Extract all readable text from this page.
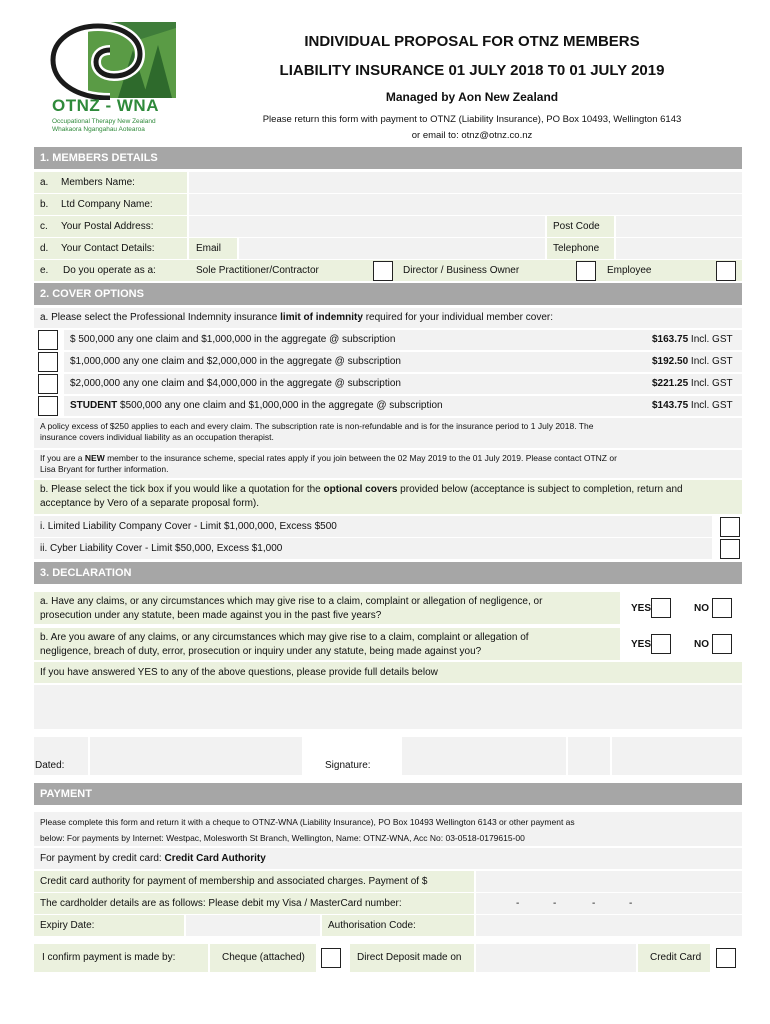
OTNZ - WNA
Occupational Therapy New Zealand
Whakaora Ngangahau Aotearoa
INDIVIDUAL PROPOSAL FOR OTNZ MEMBERS
LIABILITY INSURANCE 01 JULY 2018 T0 01 JULY 2019
Managed by Aon New Zealand
Please return this form with payment to OTNZ (Liability Insurance), PO Box 10493, Wellington 6143
or email to: otnz@otnz.co.nz
1. MEMBERS DETAILS
a. Members Name:
b. Ltd Company Name:
c. Your Postal Address:	Post Code
d. Your Contact Details:	Email	Telephone
e. Do you operate as a:	Sole Practitioner/Contractor	Director / Business Owner	Employee
2. COVER OPTIONS
a. Please select the Professional Indemnity insurance limit of indemnity required for your individual member cover:
$ 500,000 any one claim and $1,000,000 in the aggregate @ subscription	$163.75 Incl. GST
$1,000,000 any one claim and $2,000,000 in the aggregate @ subscription	$192.50 Incl. GST
$2,000,000 any one claim and $4,000,000 in the aggregate @ subscription	$221.25 Incl. GST
STUDENT $500,000 any one claim and $1,000,000 in the aggregate @ subscription	$143.75 Incl. GST
A policy excess of $250 applies to each and every claim. The subscription rate is non-refundable and is for the insurance period to 1 July 2018. The
insurance covers individual liability as an occupation therapist.
If you are a NEW member to the insurance scheme, special rates apply if you join between the 02 May 2019 to the 01 July 2019. Please contact OTNZ or
Lisa Bryant for further information.
b. Please select the tick box if you would like a quotation for the optional covers provided below (acceptance is subject to completion, return and
acceptance by Vero of a separate proposal form).
i. Limited Liability Company Cover - Limit $1,000,000, Excess $500
ii. Cyber Liability Cover - Limit $50,000, Excess $1,000
3. DECLARATION
a. Have any claims, or any circumstances which may give rise to a claim, complaint or allegation of negligence, or
prosecution under any statute, been made against you in the past five years?
YES	NO
b. Are you aware of any claims, or any circumstances which may give rise to a claim, complaint or allegation of
negligence, breach of duty, error, prosecution or inquiry under any statute, being made against you?
YES	NO
If you have answered YES to any of the above questions, please provide full details below
Dated:	Signature:
PAYMENT
Please complete this form and return it with a cheque to OTNZ-WNA (Liability Insurance), PO Box 10493 Wellington 6143 or other payment as
below: For payments by Internet: Westpac, Molesworth St Branch, Wellington, Name: OTNZ-WNA, Acc No: 03-0518-0179615-00
For payment by credit card: Credit Card Authority
Credit card authority for payment of membership and associated charges. Payment of $
The cardholder details are as follows: Please debit my Visa / MasterCard number:	-	-	-	-
Expiry Date:	Authorisation Code:
I confirm payment is made by:	Cheque (attached)	Direct Deposit made on	Credit Card
